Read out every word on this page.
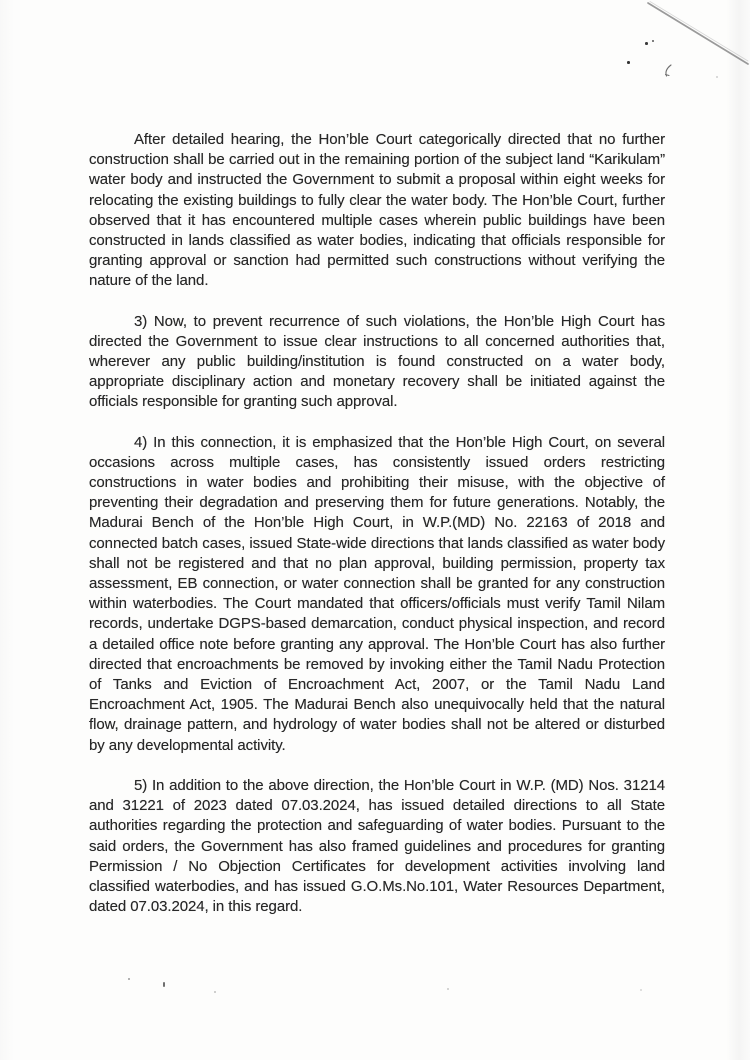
After detailed hearing, the Hon’ble Court categorically directed that no further construction shall be carried out in the remaining portion of the subject land “Karikulam” water body and instructed the Government to submit a proposal within eight weeks for relocating the existing buildings to fully clear the water body. The Hon’ble Court, further observed that it has encountered multiple cases wherein public buildings have been constructed in lands classified as water bodies, indicating that officials responsible for granting approval or sanction had permitted such constructions without verifying the nature of the land.

3) Now, to prevent recurrence of such violations, the Hon’ble High Court has directed the Government to issue clear instructions to all concerned authorities that, wherever any public building/institution is found constructed on a water body, appropriate disciplinary action and monetary recovery shall be initiated against the officials responsible for granting such approval.

4) In this connection, it is emphasized that the Hon’ble High Court, on several occasions across multiple cases, has consistently issued orders restricting constructions in water bodies and prohibiting their misuse, with the objective of preventing their degradation and preserving them for future generations. Notably, the Madurai Bench of the Hon’ble High Court, in W.P.(MD) No. 22163 of 2018 and connected batch cases, issued State-wide directions that lands classified as water body shall not be registered and that no plan approval, building permission, property tax assessment, EB connection, or water connection shall be granted for any construction within waterbodies. The Court mandated that officers/officials must verify Tamil Nilam records, undertake DGPS-based demarcation, conduct physical inspection, and record a detailed office note before granting any approval. The Hon’ble Court has also further directed that encroachments be removed by invoking either the Tamil Nadu Protection of Tanks and Eviction of Encroachment Act, 2007, or the Tamil Nadu Land Encroachment Act, 1905. The Madurai Bench also unequivocally held that the natural flow, drainage pattern, and hydrology of water bodies shall not be altered or disturbed by any developmental activity.

5) In addition to the above direction, the Hon’ble Court in W.P. (MD) Nos. 31214 and 31221 of 2023 dated 07.03.2024, has issued detailed directions to all State authorities regarding the protection and safeguarding of water bodies. Pursuant to the said orders, the Government has also framed guidelines and procedures for granting Permission / No Objection Certificates for development activities involving land classified waterbodies, and has issued G.O.Ms.No.101, Water Resources Department, dated 07.03.2024, in this regard.
